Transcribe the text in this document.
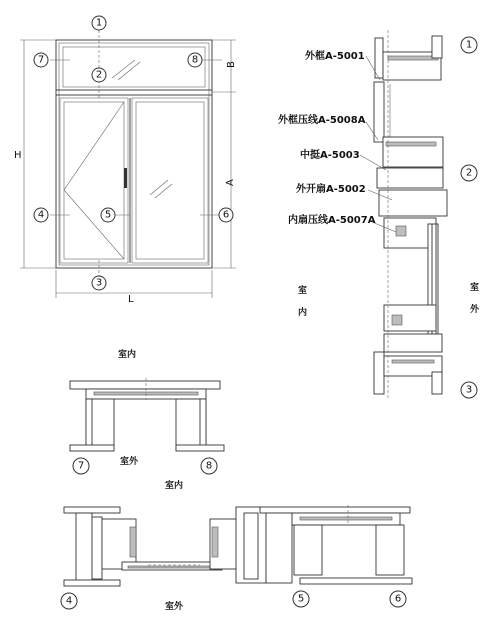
H
B
A
L
1
7	8
2
4	5	6
3
外框A-5001
外框压线A-5008A
中挺A-5003
外开扇A-5002
内扇压线A-5007A
室
内
室
外
1
2
3
室内
室外
7	8
室内
室外
4	5	6
